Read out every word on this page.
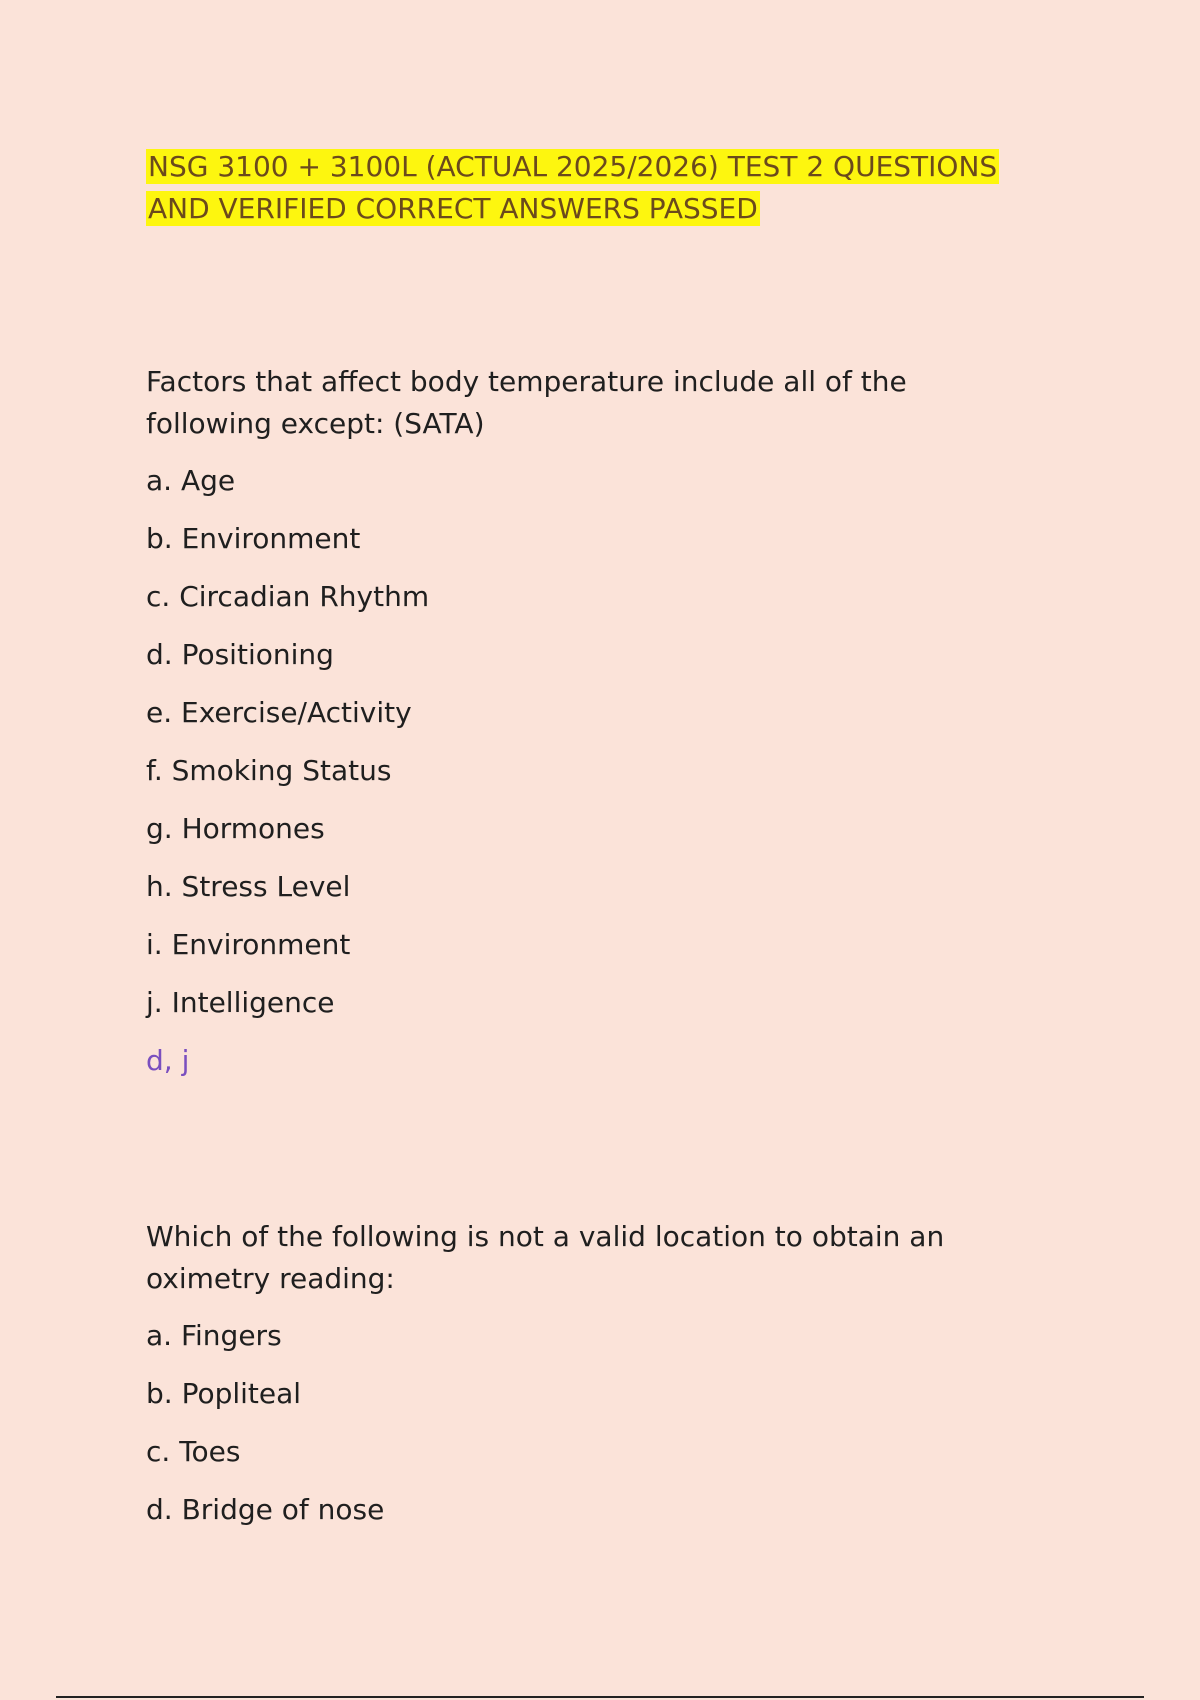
NSG 3100 + 3100L (ACTUAL 2025/2026) TEST 2 QUESTIONS AND VERIFIED CORRECT ANSWERS PASSED

Factors that affect body temperature include all of the following except: (SATA)

a. Age

b. Environment

c. Circadian Rhythm

d. Positioning

e. Exercise/Activity

f. Smoking Status

g. Hormones

h. Stress Level

i. Environment

j. Intelligence

d, j

Which of the following is not a valid location to obtain an oximetry reading:

a. Fingers

b. Popliteal

c. Toes

d. Bridge of nose
